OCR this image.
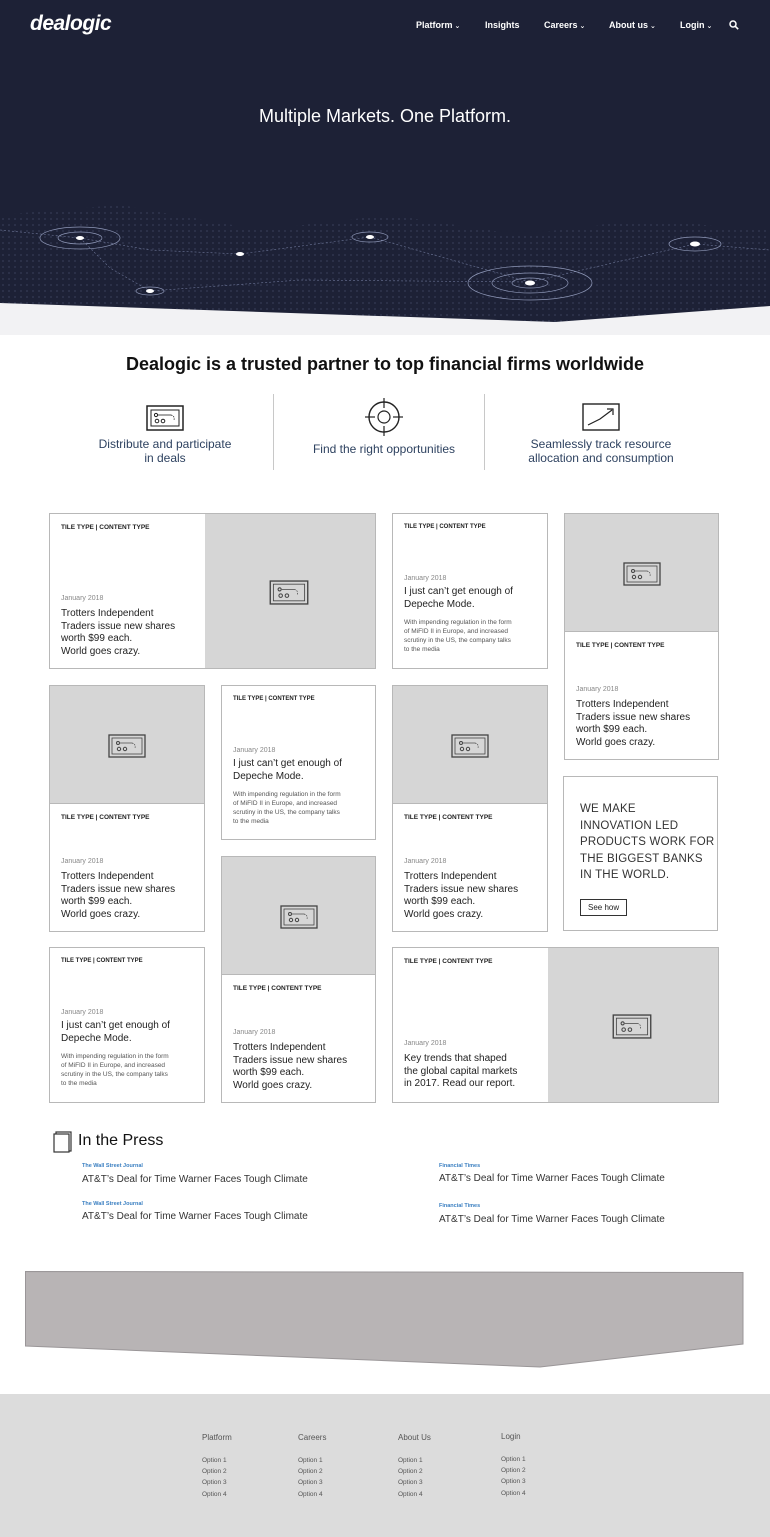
dealogic	Platform ⌄	Insights	Careers ⌄	About us ⌄	Login ⌄
Multiple Markets. One Platform.
Dealogic is a trusted partner to top financial firms worldwide
Distribute and participate
in deals
Find the right opportunities	Seamlessly track resource
allocation and consumption
TILE TYPE | CONTENT TYPE
January 2018
Trotters Independent
Traders issue new shares
worth $99 each.
World goes crazy.
TILE TYPE | CONTENT TYPE
January 2018
I just can’t get enough of
Depeche Mode.
With impending regulation in the form
of MiFID II in Europe, and increased
scrutiny in the US, the company talks
to the media
TILE TYPE | CONTENT TYPE
January 2018
Trotters Independent
Traders issue new shares
worth $99 each.
World goes crazy.
TILE TYPE | CONTENT TYPE
January 2018
Trotters Independent
Traders issue new shares
worth $99 each.
World goes crazy.
TILE TYPE | CONTENT TYPE
January 2018
I just can’t get enough of
Depeche Mode.
With impending regulation in the form
of MiFID II in Europe, and increased
scrutiny in the US, the company talks
to the media
TILE TYPE | CONTENT TYPE
January 2018
Trotters Independent
Traders issue new shares
worth $99 each.
World goes crazy.
WE MAKE
INNOVATION LED
PRODUCTS WORK FOR
THE BIGGEST BANKS
IN THE WORLD.
See how
TILE TYPE | CONTENT TYPE
January 2018
I just can’t get enough of
Depeche Mode.
With impending regulation in the form
of MiFID II in Europe, and increased
scrutiny in the US, the company talks
to the media
TILE TYPE | CONTENT TYPE
January 2018
Trotters Independent
Traders issue new shares
worth $99 each.
World goes crazy.
TILE TYPE | CONTENT TYPE
January 2018
Key trends that shaped
the global capital markets
in 2017. Read our report.
In the Press
The Wall Street Journal
AT&T’s Deal for Time Warner Faces Tough Climate
Financial Times
AT&T’s Deal for Time Warner Faces Tough Climate
The Wall Street Journal
AT&T’s Deal for Time Warner Faces Tough Climate
Financial Times
AT&T’s Deal for Time Warner Faces Tough Climate
Platform
Option 1
Option 2
Option 3
Option 4
Careers
Option 1
Option 2
Option 3
Option 4
About Us
Option 1
Option 2
Option 3
Option 4
Login
Option 1
Option 2
Option 3
Option 4
